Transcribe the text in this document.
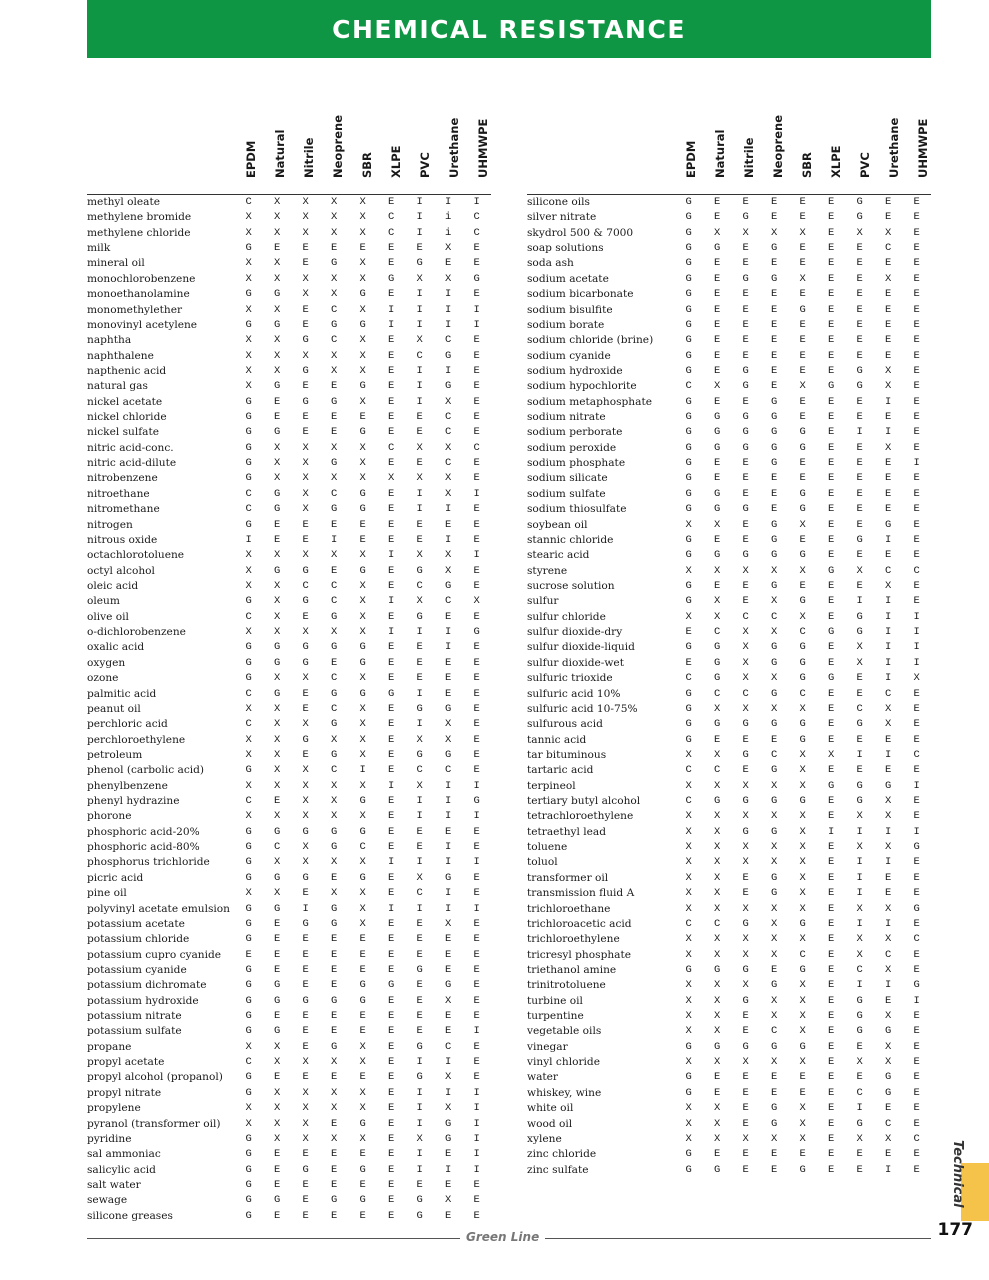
CHEMICAL RESISTANCE
EPDM Natural Nitrile Neoprene SBR XLPE PVC Urethane UHMWPE
methyl oleate	C	X	X	X	X	E	I	I	I
methylene bromide	X	X	X	X	X	C	I	i	C
methylene chloride	X	X	X	X	X	C	I	i	C
milk	G	E	E	E	E	E	E	X	E
mineral oil	X	X	E	G	X	E	G	E	E
monochlorobenzene	X	X	X	X	X	G	X	X	G
monoethanolamine	G	G	X	X	G	E	I	I	E
monomethylether	X	X	E	C	X	I	I	I	I
monovinyl acetylene	G	G	E	G	G	I	I	I	I
naphtha	X	X	G	C	X	E	X	C	E
naphthalene	X	X	X	X	X	E	C	G	E
napthenic acid	X	X	G	X	X	E	I	I	E
natural gas	X	G	E	E	G	E	I	G	E
nickel acetate	G	E	G	G	X	E	I	X	E
nickel chloride	G	E	E	E	E	E	E	C	E
nickel sulfate	G	G	E	E	G	E	E	C	E
nitric acid-conc.	G	X	X	X	X	C	X	X	C
nitric acid-dilute	G	X	X	G	X	E	E	C	E
nitrobenzene	G	X	X	X	X	X	X	X	E
nitroethane	C	G	X	C	G	E	I	X	I
nitromethane	C	G	X	G	G	E	I	I	E
nitrogen	G	E	E	E	E	E	E	E	E
nitrous oxide	I	E	E	I	E	E	E	I	E
octachlorotoluene	X	X	X	X	X	I	X	X	I
octyl alcohol	X	G	G	E	G	E	G	X	E
oleic acid	X	X	C	C	X	E	C	G	E
oleum	G	X	G	C	X	I	X	C	X
olive oil	C	X	E	G	X	E	G	E	E
o-dichlorobenzene	X	X	X	X	X	I	I	I	G
oxalic acid	G	G	G	G	G	E	E	I	E
oxygen	G	G	G	E	G	E	E	E	E
ozone	G	X	X	C	X	E	E	E	E
palmitic acid	C	G	E	G	G	G	I	E	E
peanut oil	X	X	E	C	X	E	G	G	E
perchloric acid	C	X	X	G	X	E	I	X	E
perchloroethylene	X	X	G	X	X	E	X	X	E
petroleum	X	X	E	G	X	E	G	G	E
phenol (carbolic acid)	G	X	X	C	I	E	C	C	E
phenylbenzene	X	X	X	X	X	I	X	I	I
phenyl hydrazine	C	E	X	X	G	E	I	I	G
phorone	X	X	X	X	X	E	I	I	I
phosphoric acid-20%	G	G	G	G	G	E	E	E	E
phosphoric acid-80%	G	C	X	G	C	E	E	I	E
phosphorus trichloride	G	X	X	X	X	I	I	I	I
picric acid	G	G	G	E	G	E	X	G	E
pine oil	X	X	E	X	X	E	C	I	E
polyvinyl acetate emulsion	G	G	I	G	X	I	I	I	I
potassium acetate	G	E	G	G	X	E	E	X	E
potassium chloride	G	E	E	E	E	E	E	E	E
potassium cupro cyanide	E	E	E	E	E	E	E	E	E
potassium cyanide	G	E	E	E	E	E	G	E	E
potassium dichromate	G	G	E	E	G	G	E	G	E
potassium hydroxide	G	G	G	G	G	E	E	X	E
potassium nitrate	G	E	E	E	E	E	E	E	E
potassium sulfate	G	G	E	E	E	E	E	E	I
propane	X	X	E	G	X	E	G	C	E
propyl acetate	C	X	X	X	X	E	I	I	E
propyl alcohol (propanol)	G	E	E	E	E	E	G	X	E
propyl nitrate	G	X	X	X	X	E	I	I	I
propylene	X	X	X	X	X	E	I	X	I
pyranol (transformer oil)	X	X	X	E	G	E	I	G	I
pyridine	G	X	X	X	X	E	X	G	I
sal ammoniac	G	E	E	E	E	E	I	E	I
salicylic acid	G	E	G	E	G	E	I	I	I
salt water	G	E	E	E	E	E	E	E	E
sewage	G	G	E	G	G	E	G	X	E
silicone greases	G	E	E	E	E	E	G	E	E
EPDM Natural Nitrile Neoprene SBR XLPE PVC Urethane UHMWPE
silicone oils	G	E	E	E	E	E	G	E	E
silver nitrate	G	E	G	E	E	E	G	E	E
skydrol 500 & 7000	G	X	X	X	X	E	X	X	E
soap solutions	G	G	E	G	E	E	E	C	E
soda ash	G	E	E	E	E	E	E	E	E
sodium acetate	G	E	G	G	X	E	E	X	E
sodium bicarbonate	G	E	E	E	E	E	E	E	E
sodium bisulfite	G	E	E	E	G	E	E	E	E
sodium borate	G	E	E	E	E	E	E	E	E
sodium chloride (brine)	G	E	E	E	E	E	E	E	E
sodium cyanide	G	E	E	E	E	E	E	E	E
sodium hydroxide	G	E	G	E	E	E	G	X	E
sodium hypochlorite	C	X	G	E	X	G	G	X	E
sodium metaphosphate	G	E	E	G	E	E	E	I	E
sodium nitrate	G	G	G	G	E	E	E	E	E
sodium perborate	G	G	G	G	G	E	I	I	E
sodium peroxide	G	G	G	G	G	E	E	X	E
sodium phosphate	G	E	E	G	E	E	E	E	I
sodium silicate	G	E	E	E	E	E	E	E	E
sodium sulfate	G	G	E	E	G	E	E	E	E
sodium thiosulfate	G	G	G	E	G	E	E	E	E
soybean oil	X	X	E	G	X	E	E	G	E
stannic chloride	G	E	E	G	E	E	G	I	E
stearic acid	G	G	G	G	G	E	E	E	E
styrene	X	X	X	X	X	G	X	C	C
sucrose solution	G	E	E	G	E	E	E	X	E
sulfur	G	X	E	X	G	E	I	I	E
sulfur chloride	X	X	C	C	X	E	G	I	I
sulfur dioxide-dry	E	C	X	X	C	G	G	I	I
sulfur dioxide-liquid	G	G	X	G	G	E	X	I	I
sulfur dioxide-wet	E	G	X	G	G	E	X	I	I
sulfuric trioxide	C	G	X	X	G	G	E	I	X
sulfuric acid 10%	G	C	C	G	C	E	E	C	E
sulfuric acid 10-75%	G	X	X	X	X	E	C	X	E
sulfurous acid	G	G	G	G	G	E	G	X	E
tannic acid	G	E	E	E	G	E	E	E	E
tar bituminous	X	X	G	C	X	X	I	I	C
tartaric acid	C	C	E	G	X	E	E	E	E
terpineol	X	X	X	X	X	G	G	G	I
tertiary butyl alcohol	C	G	G	G	G	E	G	X	E
tetrachloroethylene	X	X	X	X	X	E	X	X	E
tetraethyl lead	X	X	G	G	X	I	I	I	I
toluene	X	X	X	X	X	E	X	X	G
toluol	X	X	X	X	X	E	I	I	E
transformer oil	X	X	E	G	X	E	I	E	E
transmission fluid A	X	X	E	G	X	E	I	E	E
trichloroethane	X	X	X	X	X	E	X	X	G
trichloroacetic acid	C	C	G	X	G	E	I	I	E
trichloroethylene	X	X	X	X	X	E	X	X	C
tricresyl phosphate	X	X	X	X	C	E	X	C	E
triethanol amine	G	G	G	E	G	E	C	X	E
trinitrotoluene	X	X	X	G	X	E	I	I	G
turbine oil	X	X	G	X	X	E	G	E	I
turpentine	X	X	E	X	X	E	G	X	E
vegetable oils	X	X	E	C	X	E	G	G	E
vinegar	G	G	G	G	G	E	E	X	E
vinyl chloride	X	X	X	X	X	E	X	X	E
water	G	E	E	E	E	E	E	G	E
whiskey, wine	G	E	E	E	E	E	C	G	E
white oil	X	X	E	G	X	E	I	E	E
wood oil	X	X	E	G	X	E	G	C	E
xylene	X	X	X	X	X	E	X	X	C
zinc chloride	G	E	E	E	E	E	E	E	E
zinc sulfate	G	G	E	E	G	E	E	I	E
Green Line
Technical
177
